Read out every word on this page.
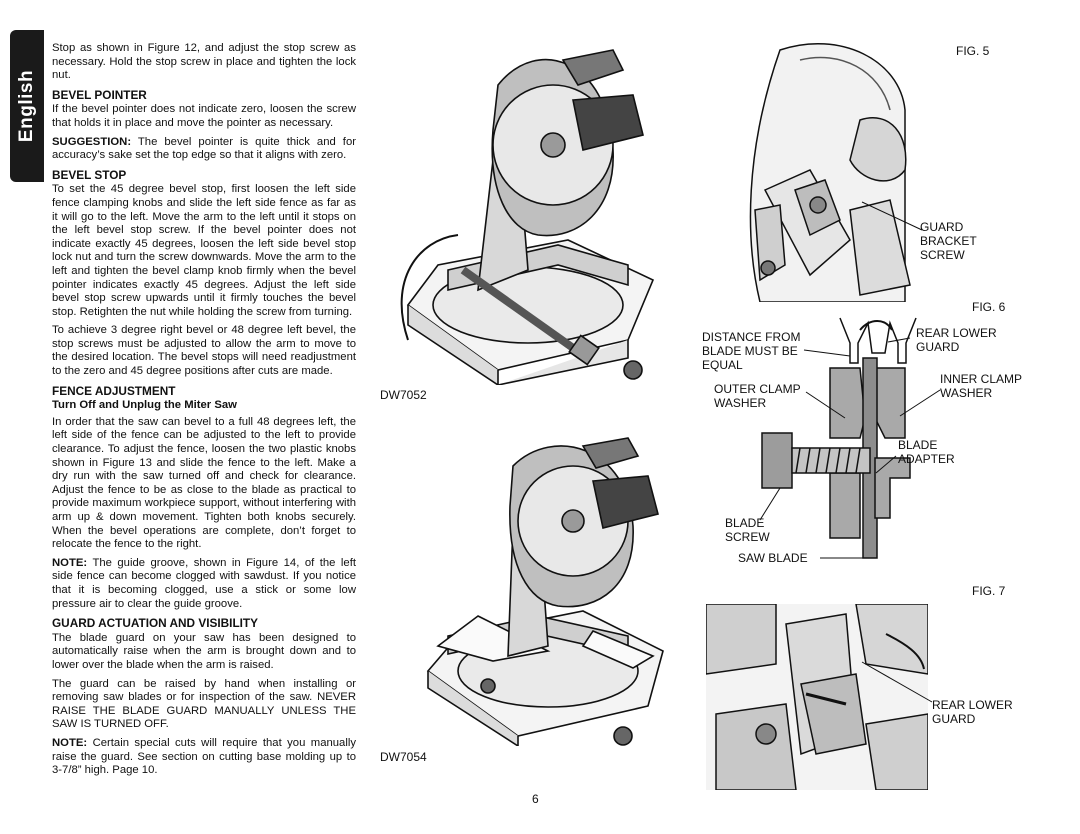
English

Stop as shown in Figure 12, and adjust the stop screw as necessary. Hold the stop screw in place and tighten the lock nut.

BEVEL POINTER

If the bevel pointer does not indicate zero, loosen the screw that holds it in place and move the pointer as necessary.

SUGGESTION: The bevel pointer is quite thick and for accuracy’s sake set the top edge so that it aligns with zero.

BEVEL STOP

To set the 45 degree bevel stop, first loosen the left side fence clamping knobs and slide the left side fence as far as it will go to the left. Move the arm to the left until it stops on the left bevel stop screw. If the bevel pointer does not indicate exactly 45 degrees, loosen the left side bevel stop lock nut and turn the screw downwards. Move the arm to the left and tighten the bevel clamp knob firmly when the bevel pointer indicates exactly 45 degrees. Adjust the left side bevel stop screw upwards until it firmly touches the bevel stop. Retighten the nut while holding the screw from turning.

To achieve 3 degree right bevel or 48 degree left bevel, the stop screws must be adjusted to allow the arm to move to the desired location. The bevel stops will need readjustment to the zero and 45 degree positions after cuts are made.

FENCE ADJUSTMENT
Turn Off and Unplug the Miter Saw

In order that the saw can bevel to a full 48 degrees left, the left side of the fence can be adjusted to the left to provide clearance. To adjust the fence, loosen the two plastic knobs shown in Figure 13 and slide the fence to the left. Make a dry run with the saw turned off and check for clearance. Adjust the fence to be as close to the blade as practical to provide maximum workpiece support, without interfering with arm up & down movement. Tighten both knobs securely. When the bevel operations are complete, don’t forget to relocate the fence to the right.

NOTE: The guide groove, shown in Figure 14, of the left side fence can become clogged with sawdust. If you notice that it is becoming clogged, use a stick or some low pressure air to clear the guide groove.

GUARD ACTUATION AND VISIBILITY

The blade guard on your saw has been designed to automatically raise when the arm is brought down and to lower over the blade when the arm is raised.

The guard can be raised by hand when installing or removing saw blades or for inspection of the saw. NEVER RAISE THE BLADE GUARD MANUALLY UNLESS THE SAW IS TURNED OFF.

NOTE: Certain special cuts will require that you manually raise the guard. See section on cutting base molding up to 3-7/8” high. Page 10.

DW7052
DW7054
FIG. 5
GUARD
BRACKET
SCREW
FIG. 6
DISTANCE FROM
BLADE MUST BE
EQUAL
REAR LOWER
GUARD
INNER CLAMP
WASHER
OUTER CLAMP
WASHER
BLADE
ADAPTER
BLADE
SCREW
SAW BLADE
FIG. 7
REAR LOWER
GUARD
6
